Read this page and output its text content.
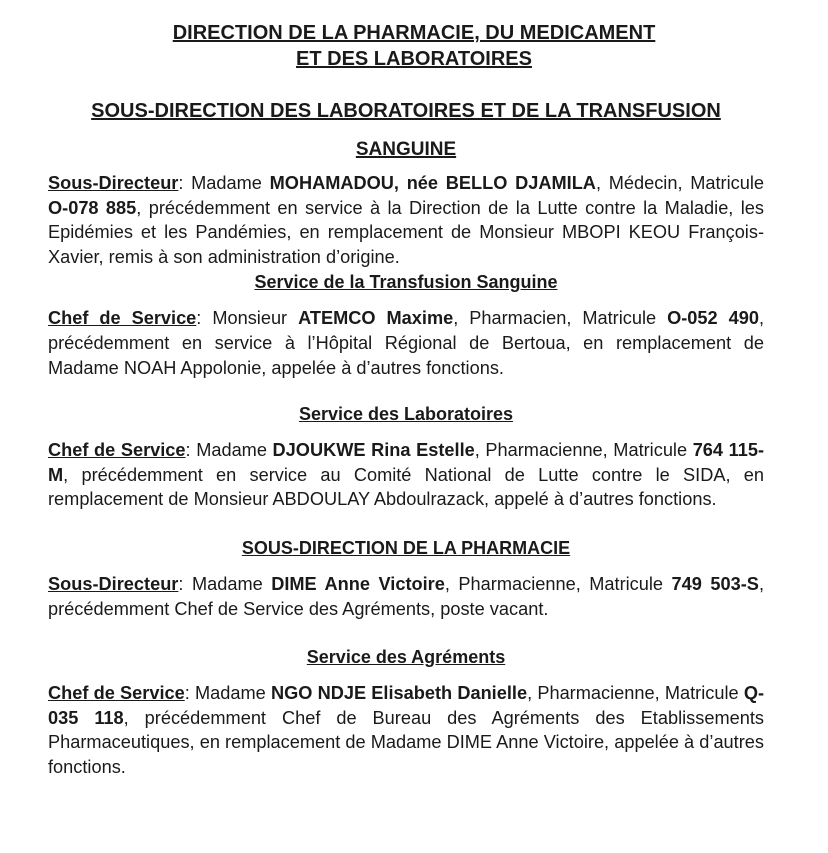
DIRECTION DE LA PHARMACIE, DU MEDICAMENT
ET DES LABORATOIRES
SOUS-DIRECTION DES LABORATOIRES ET DE LA TRANSFUSION
SANGUINE

Sous-Directeur: Madame MOHAMADOU, née BELLO DJAMILA, Médecin, Matricule O-078 885, précédemment en service à la Direction de la Lutte contre la Maladie, les Epidémies et les Pandémies, en remplacement de Monsieur MBOPI KEOU François-Xavier, remis à son administration d’origine.

Service de la Transfusion Sanguine

Chef de Service: Monsieur ATEMCO Maxime, Pharmacien, Matricule O-052 490, précédemment en service à l’Hôpital Régional de Bertoua, en remplacement de Madame NOAH Appolonie, appelée à d’autres fonctions.

Service des Laboratoires

Chef de Service: Madame DJOUKWE Rina Estelle, Pharmacienne, Matricule 764 115-M, précédemment en service au Comité National de Lutte contre le SIDA, en remplacement de Monsieur ABDOULAY Abdoulrazack, appelé à d’autres fonctions.

SOUS-DIRECTION DE LA PHARMACIE

Sous-Directeur: Madame DIME Anne Victoire, Pharmacienne, Matricule 749 503-S, précédemment Chef de Service des Agréments, poste vacant.

Service des Agréments

Chef de Service: Madame NGO NDJE Elisabeth Danielle, Pharmacienne, Matricule Q-035 118, précédemment Chef de Bureau des Agréments des Etablissements Pharmaceutiques, en remplacement de Madame DIME Anne Victoire, appelée à d’autres fonctions.
